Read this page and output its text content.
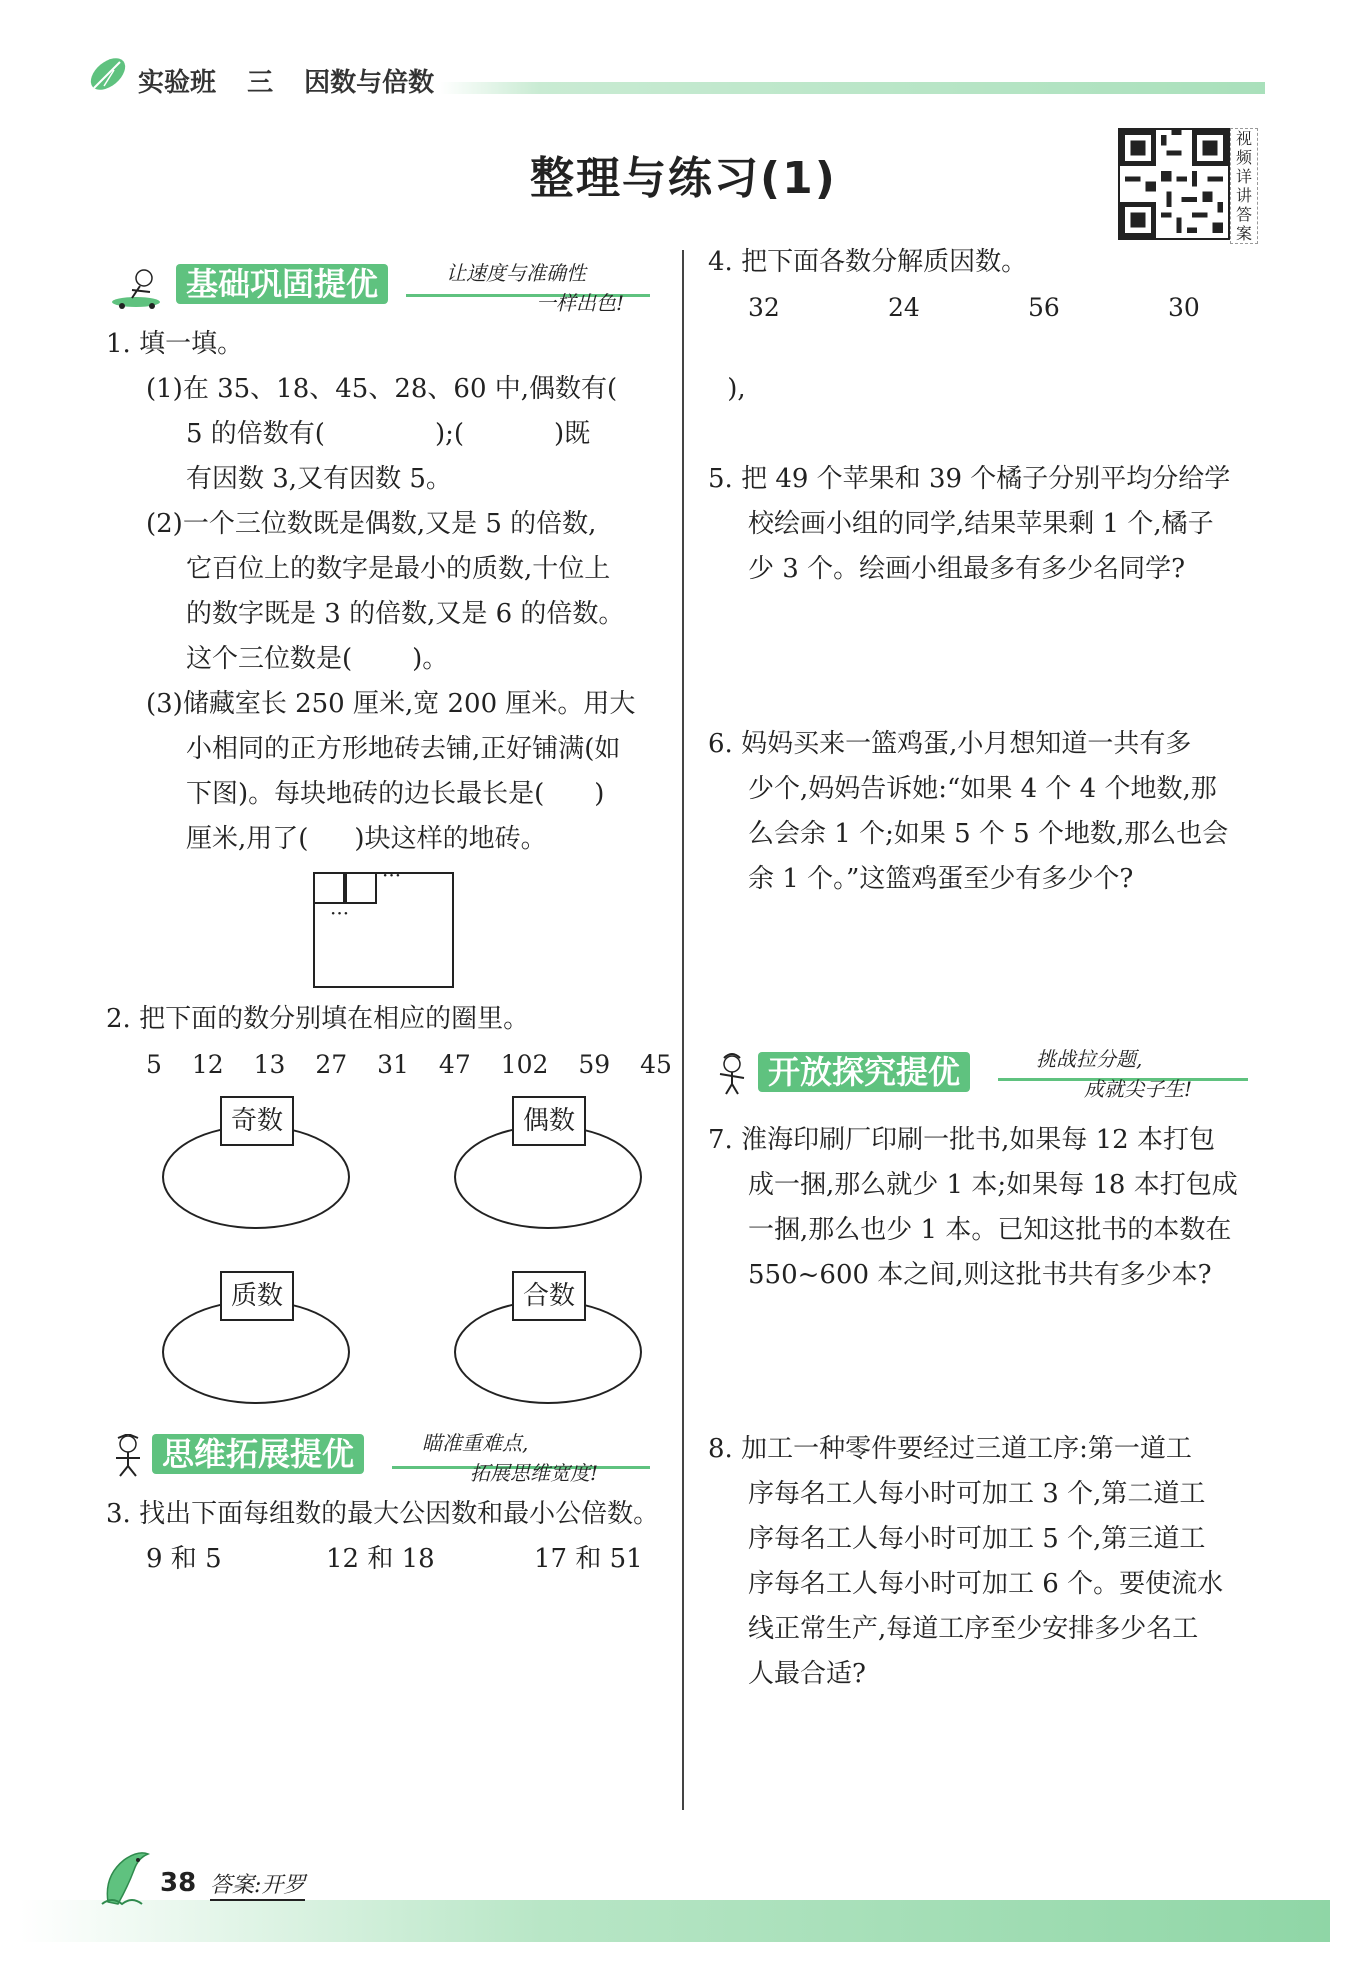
实验班 三 因数与倍数
整理与练习(1)
视频详讲答案
基础巩固提优	让速度与准确性
一样出色!
1. 填一填。
(1)在 35、18、45、28、60 中,偶数有(	),
5 的倍数有(	);(	)既
有因数 3,又有因数 5。
(2)一个三位数既是偶数,又是 5 的倍数,
它百位上的数字是最小的质数,十位上
的数字既是 3 的倍数,又是 6 的倍数。
这个三位数是( )。
(3)储藏室长 250 厘米,宽 200 厘米。用大
小相同的正方形地砖去铺,正好铺满(如
下图)。每块地砖的边长最长是( )
厘米,用了( )块这样的地砖。
···
···
2. 把下面的数分别填在相应的圈里。
5 12 13 27 31 47 102 59 45
奇数	偶数
质数	合数
思维拓展提优	瞄准重难点,
拓展思维宽度!
3. 找出下面每组数的最大公因数和最小公倍数。
9 和 5	12 和 18	17 和 51
4. 把下面各数分解质因数。
32	24	56	30
5. 把 49 个苹果和 39 个橘子分别平均分给学
校绘画小组的同学,结果苹果剩 1 个,橘子
少 3 个。绘画小组最多有多少名同学?
6. 妈妈买来一篮鸡蛋,小月想知道一共有多
少个,妈妈告诉她:“如果 4 个 4 个地数,那
么会余 1 个;如果 5 个 5 个地数,那么也会
余 1 个。”这篮鸡蛋至少有多少个?
开放探究提优	挑战拉分题,
成就尖子生!
7. 淮海印刷厂印刷一批书,如果每 12 本打包
成一捆,那么就少 1 本;如果每 18 本打包成
一捆,那么也少 1 本。已知这批书的本数在
550~600 本之间,则这批书共有多少本?
8. 加工一种零件要经过三道工序:第一道工
序每名工人每小时可加工 3 个,第二道工
序每名工人每小时可加工 5 个,第三道工
序每名工人每小时可加工 6 个。要使流水
线正常生产,每道工序至少安排多少名工
人最合适?
38 答案:开罗
